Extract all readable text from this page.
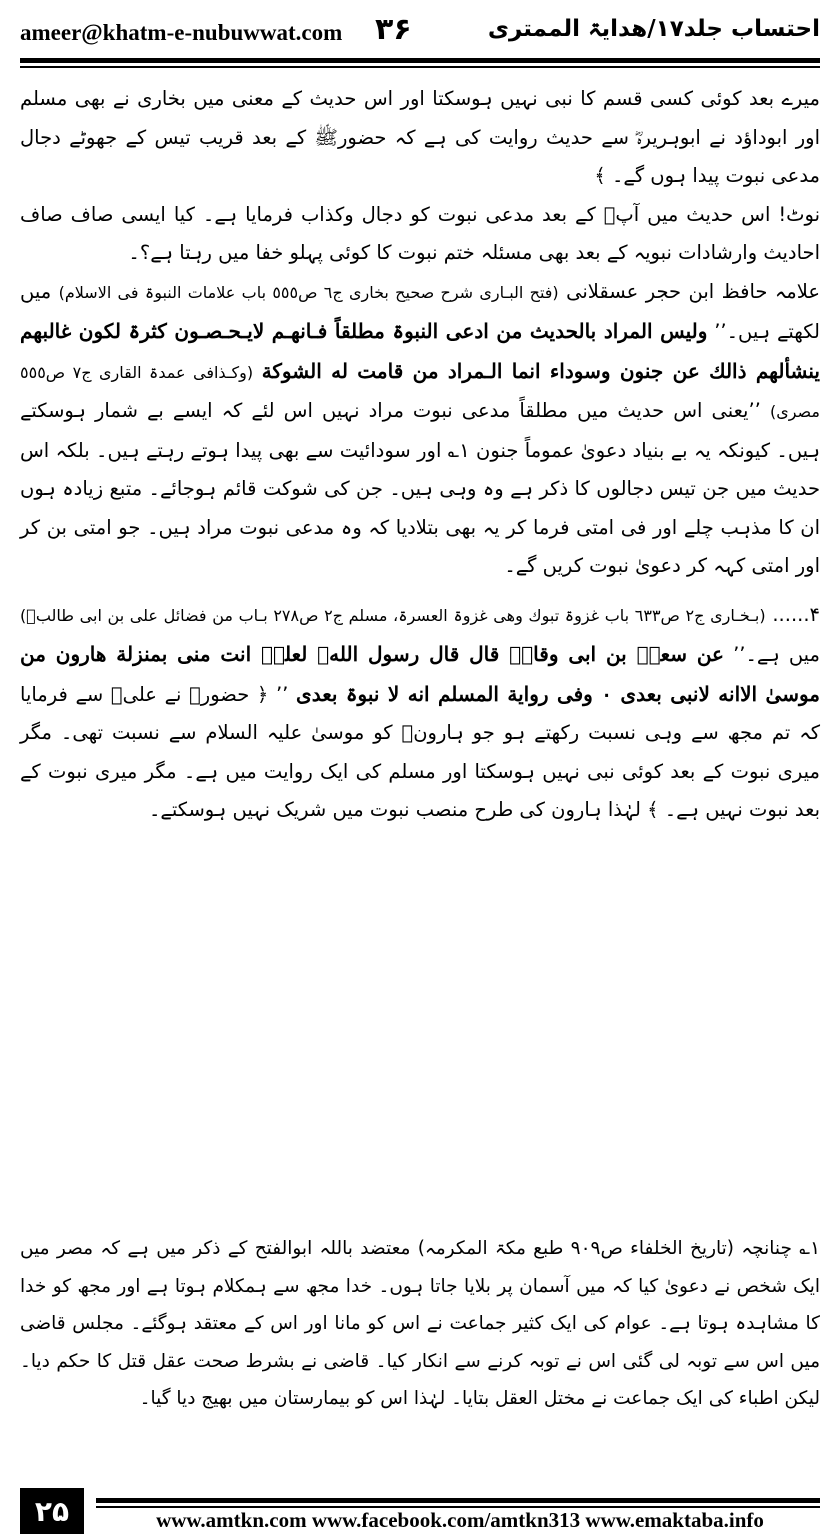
ameer@khatm-e-nubuwwat.com ۳۶	احتساب جلد۱۷/ھدایۃ الممتری

میرے بعد کوئی کسی قسم کا نبی نہیں ہوسکتا اور اس حدیث کے معنی میں بخاری نے بھی مسلم اور ابوداؤد نے ابوہریرہؓ سے حدیث روایت کی ہے کہ حضورﷺ کے بعد قریب تیس کے جھوٹے دجال مدعی نبوت پیدا ہوں گے۔ ﴾

نوٹ! اس حدیث میں آپؐ کے بعد مدعی نبوت کو دجال وکذاب فرمایا ہے۔ کیا ایسی صاف صاف احادیث وارشادات نبویہ کے بعد بھی مسئلہ ختم نبوت کا کوئی پہلو خفا میں رہتا ہے؟۔

علامہ حافظ ابن حجر عسقلانی (فتح البـاری شرح صحیح بخاری ج٦ ص٥٥٥ باب علامات النبوۃ فی الاسلام) میں لکھتے ہیں۔’’ ولیس المراد بالحدیث من ادعی النبوۃ مطلقاً فـانهـم لایـحـصـون کثرۃ لکون غالبهم ینشألهم ذالك عن جنون وسوداء انما الـمراد من قامت له الشوکة (وکـذافی عمدۃ القاری ج٧ ص٥٥٥ مصری) ’’یعنی اس حدیث میں مطلقاً مدعی نبوت مراد نہیں اس لئے کہ ایسے بے شمار ہوسکتے ہیں۔ کیونکہ یہ بے بنیاد دعویٰ عموماً جنون ۱؎ اور سودائیت سے بھی پیدا ہوتے رہتے ہیں۔ بلکہ اس حدیث میں جن تیس دجالوں کا ذکر ہے وہ وہی ہیں۔ جن کی شوکت قائم ہوجائے۔ متبع زیادہ ہوں ان کا مذہب چلے اور فی امتی فرما کر یہ بھی بتلادیا کہ وہ مدعی نبوت مراد ہیں۔ جو امتی بن کر اور امتی کہہ کر دعویٰ نبوت کریں گے۔

۴...... (بـخـاری ج٢ ص٦٣٣ باب غزوۃ تبوك وھی غزوۃ العسرۃ، مسلم ج٢ ص٢٧٨ بـاب من فضائل علی بن ابی طالبؓ) میں ہے۔’’ عن سعدؓ بن ابی وقاصؓ قال قال رسول اللهﷺ لعلیؓ انت منی بمنزلة ھارون من موسیٰ الاانه لانبی بعدی ۰ وفی روایة المسلم انه لا نبوۃ بعدی ’’ ﴿ حضورﷺ نے علیؓ سے فرمایا کہ تم مجھ سے وہی نسبت رکھتے ہو جو ہارونؑ کو موسیٰ علیہ السلام سے نسبت تھی۔ مگر میری نبوت کے بعد کوئی نبی نہیں ہوسکتا اور مسلم کی ایک روایت میں ہے۔ مگر میری نبوت کے بعد نبوت نہیں ہے۔ ﴾ لہٰذا ہارون کی طرح منصب نبوت میں شریک نہیں ہوسکتے۔

۱؎ چنانچہ (تاریخ الخلفاء ص۹۰۹ طبع مکۃ المکرمہ) معتضد باللہ ابوالفتح کے ذکر میں ہے کہ مصر میں ایک شخص نے دعویٰ کیا کہ میں آسمان پر بلایا جاتا ہوں۔ خدا مجھ سے ہمکلام ہوتا ہے اور مجھ کو خدا کا مشاہدہ ہوتا ہے۔ عوام کی ایک کثیر جماعت نے اس کو مانا اور اس کے معتقد ہوگئے۔ مجلس قاضی میں اس سے توبہ لی گئی اس نے توبہ کرنے سے انکار کیا۔ قاضی نے بشرط صحت عقل قتل کا حکم دیا۔ لیکن اطباء کی ایک جماعت نے مختل العقل بتایا۔ لہٰذا اس کو بیمارستان میں بھیج دیا گیا۔

۲۵	www.amtkn.com www.facebook.com/amtkn313 www.emaktaba.info
